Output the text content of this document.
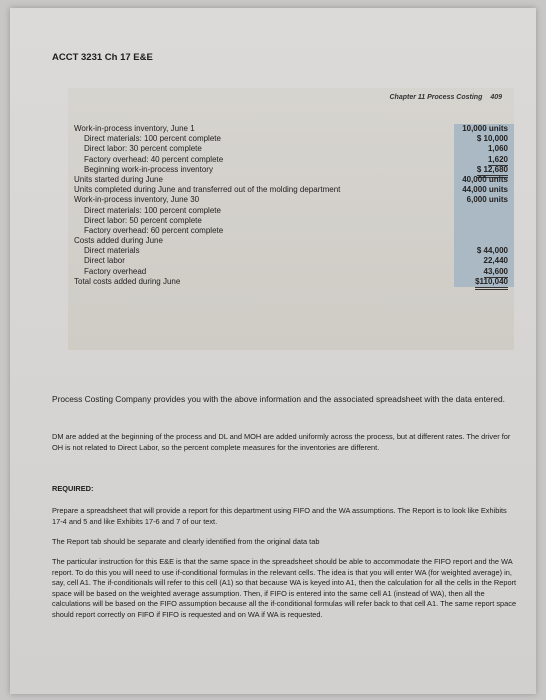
ACCT 3231 Ch 17 E&E
Chapter 11 Process Costing 409
Work-in-process inventory, June 1	10,000 units
Direct materials: 100 percent complete	$ 10,000
Direct labor: 30 percent complete	1,060
Factory overhead: 40 percent complete	1,620
Beginning work-in-process inventory	$ 12,680
Units started during June	40,000 units
Units completed during June and transferred out of the molding department	44,000 units
Work-in-process inventory, June 30	6,000 units
Direct materials: 100 percent complete
Direct labor: 50 percent complete
Factory overhead: 60 percent complete
Costs added during June
Direct materials	$ 44,000
Direct labor	22,440
Factory overhead	43,600
Total costs added during June	$110,040
Process Costing Company provides you with the above information and the associated spreadsheet with the data entered.
DM are added at the beginning of the process and DL and MOH are added uniformly across the process, but at different rates. The driver for OH is not related to Direct Labor, so the percent complete measures for the inventories are different.
REQUIRED:
Prepare a spreadsheet that will provide a report for this department using FIFO and the WA assumptions. The Report is to look like Exhibits 17-4 and 5 and like Exhibits 17-6 and 7 of our text.
The Report tab should be separate and clearly identified from the original data tab
The particular instruction for this E&E is that the same space in the spreadsheet should be able to accommodate the FIFO report and the WA report. To do this you will need to use if-conditional formulas in the relevant cells. The idea is that you will enter WA (for weighted average) in, say, cell A1. The if-conditionals will refer to this cell (A1) so that because WA is keyed into A1, then the calculation for all the cells in the Report space will be based on the weighted average assumption. Then, if FIFO is entered into the same cell A1 (instead of WA), then all the calculations will be based on the FIFO assumption because all the if-conditional formulas will refer back to that cell A1. The same report space should report correctly on FIFO if FIFO is requested and on WA if WA is requested.
